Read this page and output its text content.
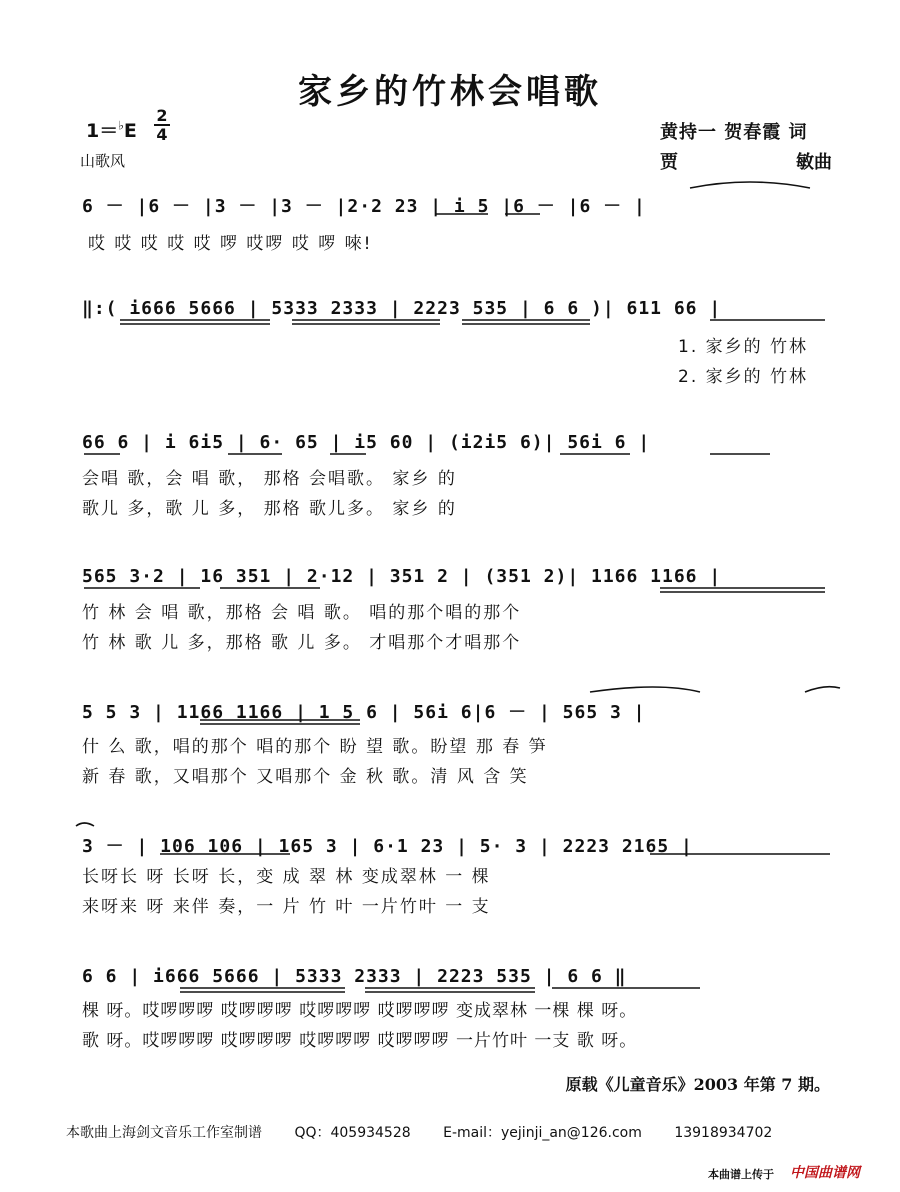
家乡的竹林会唱歌
1＝♭E
2
4
山歌风
黄持一 贺春霞 词
贾	敏曲
6 － |6 － |3 － |3 － |2·2 23 | i 5 |6 － |6 － |
哎 哎 哎 哎 哎 啰 哎啰 哎 啰 唻!
‖:( i666 5666 | 5333 2333 | 2223 535 | 6 6 )| 611 66 |
1. 家乡的 竹林
2. 家乡的 竹林
66 6 | i 6i5 | 6· 65 | i5 60 | (i2i5 6)| 56i 6 |
会唱 歌，会 唱 歌， 那格 会唱歌。 家乡 的
歌儿 多，歌 儿 多， 那格 歌儿多。 家乡 的
565 3·2 | 16 351 | 2·12 | 351 2 | (351 2)| 1166 1166 |
竹 林 会 唱 歌，那格 会 唱 歌。 唱的那个唱的那个
竹 林 歌 儿 多，那格 歌 儿 多。 才唱那个才唱那个
5 5 3 | 1166 1166 | 1 5 6 | 56i 6|6 － | 565 3 |
什 么 歌，唱的那个 唱的那个 盼 望 歌。盼望 那 春 笋
新 春 歌，又唱那个 又唱那个 金 秋 歌。清 风 含 笑
3 － | 106 106 | 165 3 | 6·1 23 | 5· 3 | 2223 2165 |
长呀长 呀 长呀 长，变 成 翠 林 变成翠林 一 棵
来呀来 呀 来伴 奏，一 片 竹 叶 一片竹叶 一 支
6 6 | i666 5666 | 5333 2333 | 2223 535 | 6 6 ‖
棵 呀。哎啰啰啰 哎啰啰啰 哎啰啰啰 哎啰啰啰 变成翠林 一棵 棵 呀。
歌 呀。哎啰啰啰 哎啰啰啰 哎啰啰啰 哎啰啰啰 一片竹叶 一支 歌 呀。
原载《儿童音乐》2003 年第 7 期。
本歌曲上海剑文音乐工作室制谱 QQ：405934528 E-mail：yejinji_an@126.com 13918934702
本曲谱上传于 中国曲谱网
